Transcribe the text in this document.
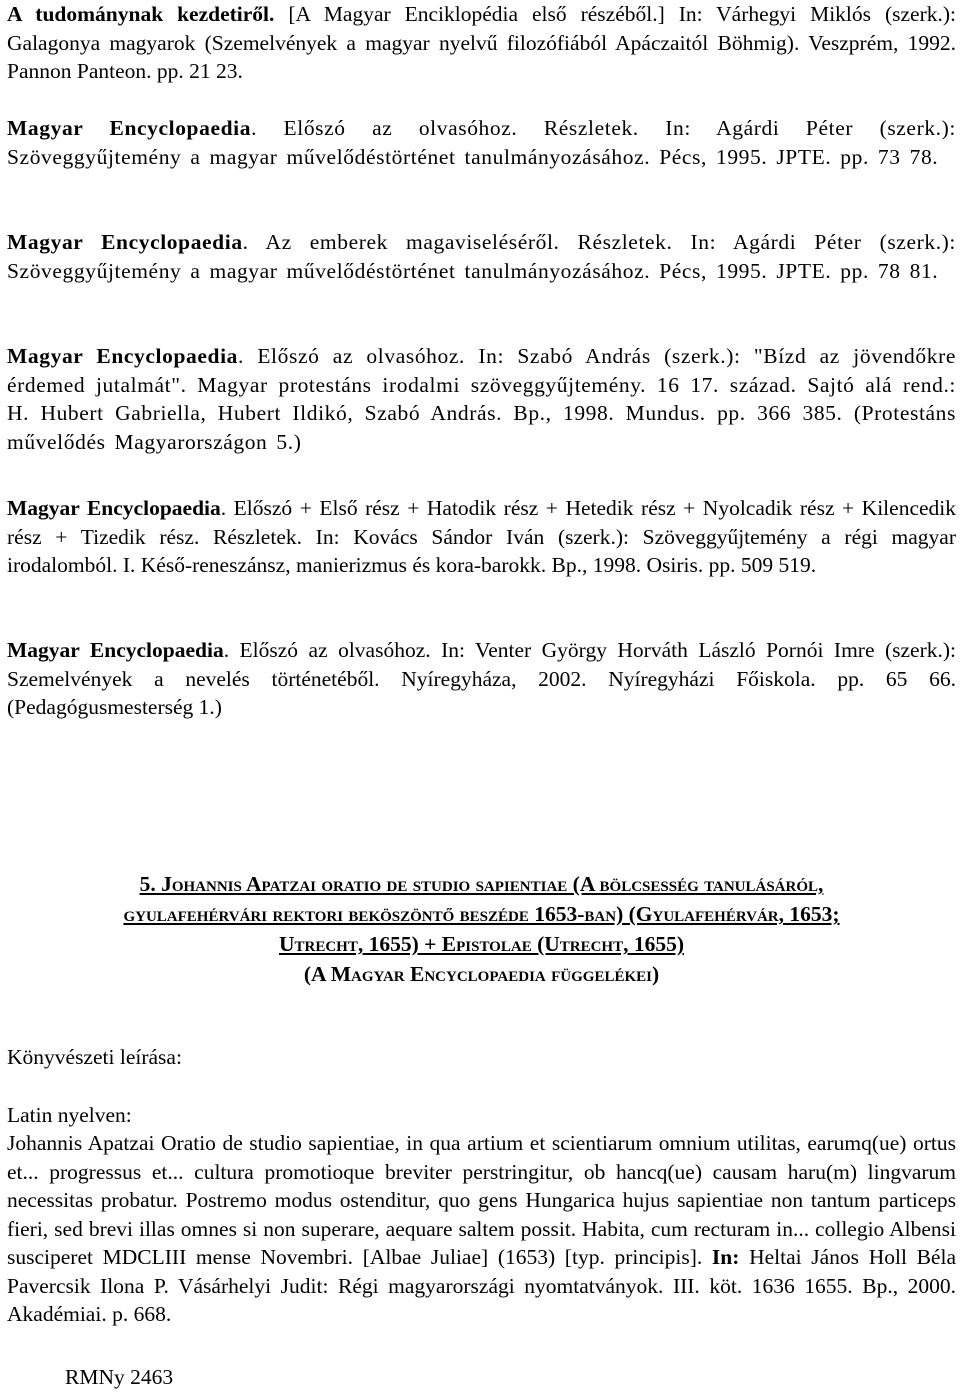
A tudománynak kezdetiről. [A Magyar Enciklopédia első részéből.] In: Várhegyi Miklós (szerk.): Galagonya magyarok (Szemelvények a magyar nyelvű filozófiából Apáczaitól Böhmig). Veszprém, 1992. Pannon Panteon. pp. 21 23.

Magyar Encyclopaedia. Előszó az olvasóhoz. Részletek. In: Agárdi Péter (szerk.): Szöveggyűjtemény a magyar művelődéstörténet tanulmányozásához. Pécs, 1995. JPTE. pp. 73 78.

Magyar Encyclopaedia. Az emberek magaviseléséről. Részletek. In: Agárdi Péter (szerk.): Szöveggyűjtemény a magyar művelődéstörténet tanulmányozásához. Pécs, 1995. JPTE. pp. 78 81.

Magyar Encyclopaedia. Előszó az olvasóhoz. In: Szabó András (szerk.): "Bízd az jövendőkre érdemed jutalmát". Magyar protestáns irodalmi szöveggyűjtemény. 16 17. század. Sajtó alá rend.: H. Hubert Gabriella, Hubert Ildikó, Szabó András. Bp., 1998. Mundus. pp. 366 385. (Protestáns művelődés Magyarországon 5.)

Magyar Encyclopaedia. Előszó + Első rész + Hatodik rész + Hetedik rész + Nyolcadik rész + Kilencedik rész + Tizedik rész. Részletek. In: Kovács Sándor Iván (szerk.): Szöveggyűjtemény a régi magyar irodalomból. I. Késő-reneszánsz, manierizmus és kora-barokk. Bp., 1998. Osiris. pp. 509 519.

Magyar Encyclopaedia. Előszó az olvasóhoz. In: Venter György Horváth László Pornói Imre (szerk.): Szemelvények a nevelés történetéből. Nyíregyháza, 2002. Nyíregyházi Főiskola. pp. 65 66. (Pedagógusmesterség 1.)

5. Johannis Apatzai oratio de studio sapientiae (A bölcsesség tanulásáról,
gyulafehérvári rektori beköszöntő beszéde 1653-ban) (Gyulafehérvár, 1653;
Utrecht, 1655) + Epistolae (Utrecht, 1655)
(A Magyar Encyclopaedia függelékei)
Könyvészeti leírása:
Latin nyelven:

Johannis Apatzai Oratio de studio sapientiae, in qua artium et scientiarum omnium utilitas, earumq(ue) ortus et... progressus et... cultura promotioque breviter perstringitur, ob hancq(ue) causam haru(m) lingvarum necessitas probatur. Postremo modus ostenditur, quo gens Hungarica hujus sapientiae non tantum particeps fieri, sed brevi illas omnes si non superare, aequare saltem possit. Habita, cum recturam in... collegio Albensi susciperet MDCLIII mense Novembri. [Albae Juliae] (1653) [typ. principis]. In: Heltai János Holl Béla Pavercsik Ilona P. Vásárhelyi Judit: Régi magyarországi nyomtatványok. III. köt. 1636 1655. Bp., 2000. Akadémiai. p. 668.

RMNy 2463
